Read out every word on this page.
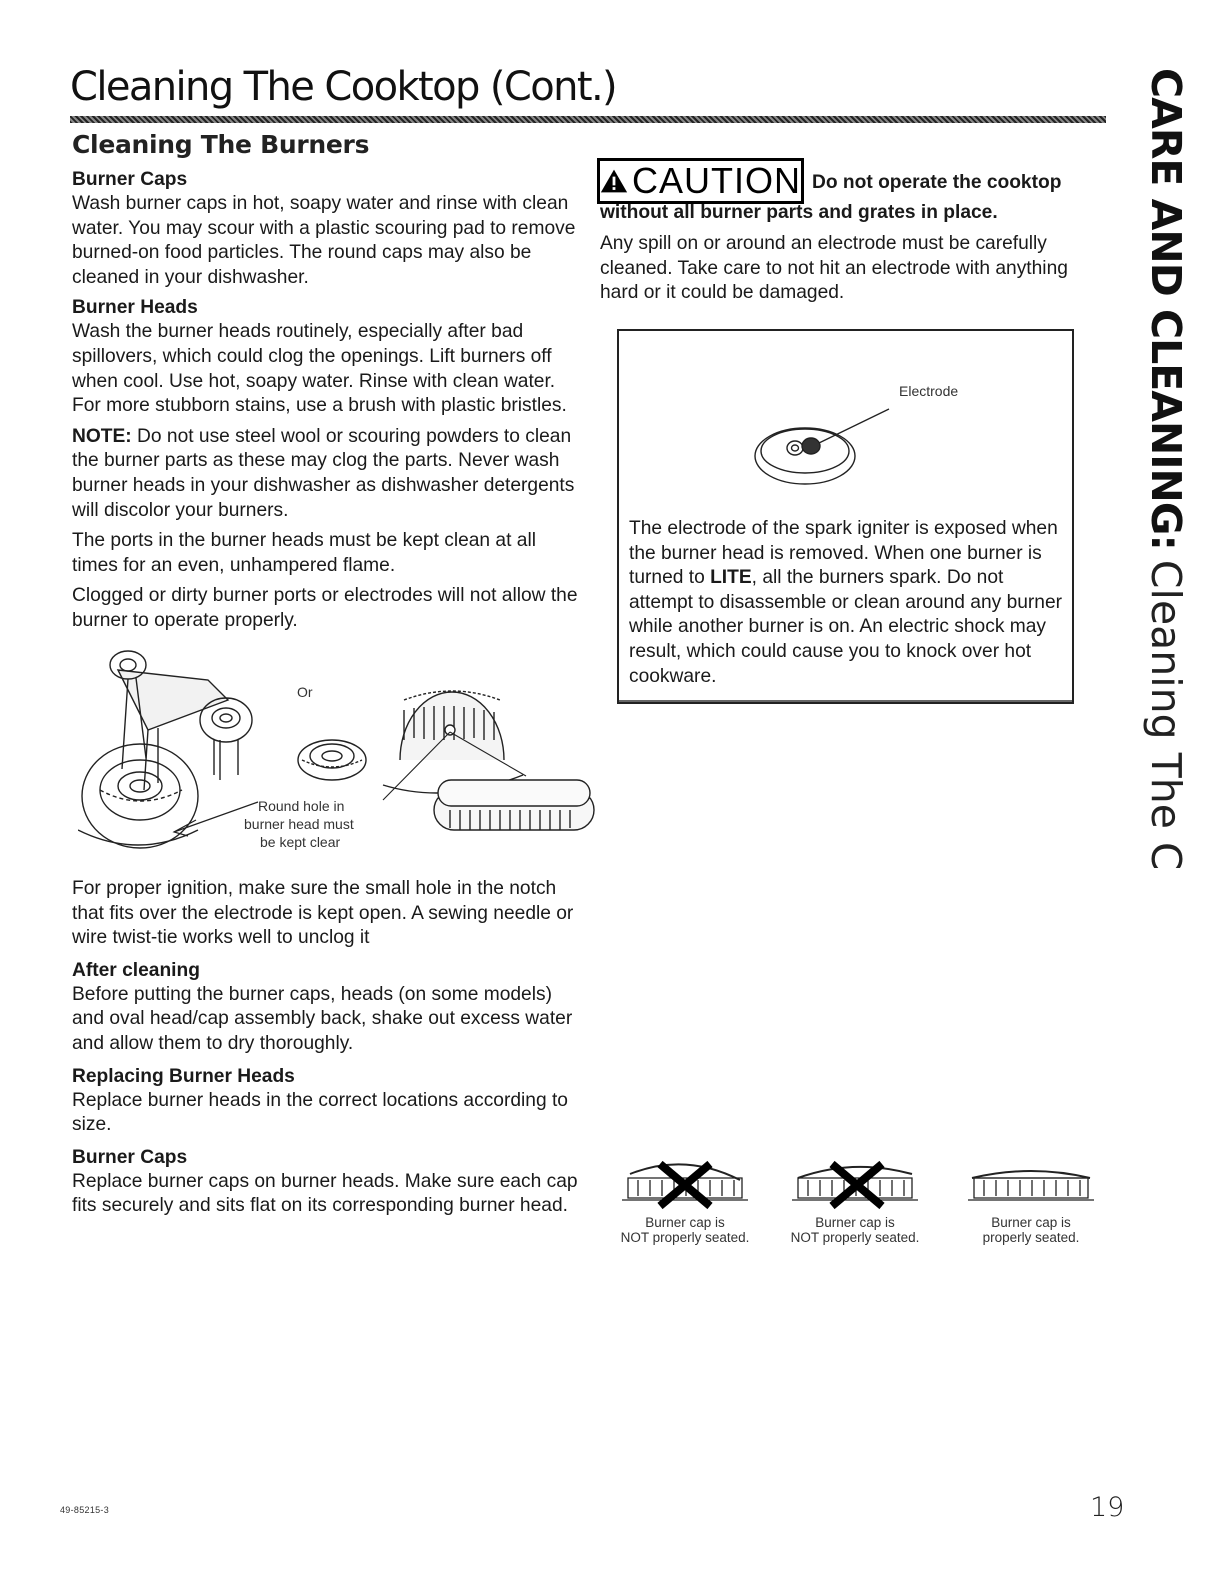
Cleaning The Cooktop (Cont.)
Cleaning The Burners	CARE AND CLEANING:Cleaning The Cooktop
Burner Caps

Wash burner caps in hot, soapy water and rinse with clean water. You may scour with a plastic scouring pad to remove burned-on food particles. The round caps may also be cleaned in your dishwasher.

Burner Heads

Wash the burner heads routinely, especially after bad spillovers, which could clog the openings. Lift burners off when cool. Use hot, soapy water. Rinse with clean water. For more stubborn stains, use a brush with plastic bristles.

NOTE: Do not use steel wool or scouring powders to clean the burner parts as these may clog the parts. Never wash burner heads in your dishwasher as dishwasher detergents will discolor your burners.

The ports in the burner heads must be kept clean at all times for an even, unhampered flame.

Clogged or dirty burner ports or electrodes will not allow the burner to operate properly.

Or
Round hole in
burner head must
be kept clear

For proper ignition, make sure the small hole in the notch that fits over the electrode is kept open. A sewing needle or wire twist-tie works well to unclog it

After cleaning

Before putting the burner caps, heads (on some models) and oval head/cap assembly back, shake out excess water and allow them to dry thoroughly.

Replacing Burner Heads

Replace burner heads in the correct locations according to size.

Burner Caps

Replace burner caps on burner heads. Make sure each cap fits securely and sits flat on its corresponding burner head.

CAUTION Do not operate the cooktop
without all burner parts and grates in place.
Any spill on or around an electrode must be carefully cleaned. Take care to not hit an electrode with anything hard or it could be damaged.
Electrode
The electrode of the spark igniter is exposed when the burner head is removed. When one burner is turned to LITE, all the burners spark. Do not attempt to disassemble or clean around any burner while another burner is on. An electric shock may result, which could cause you to knock over hot cookware.
Burner cap is
NOT properly seated.
Burner cap is
NOT properly seated.
Burner cap is
properly seated.
49-85215-3	19
